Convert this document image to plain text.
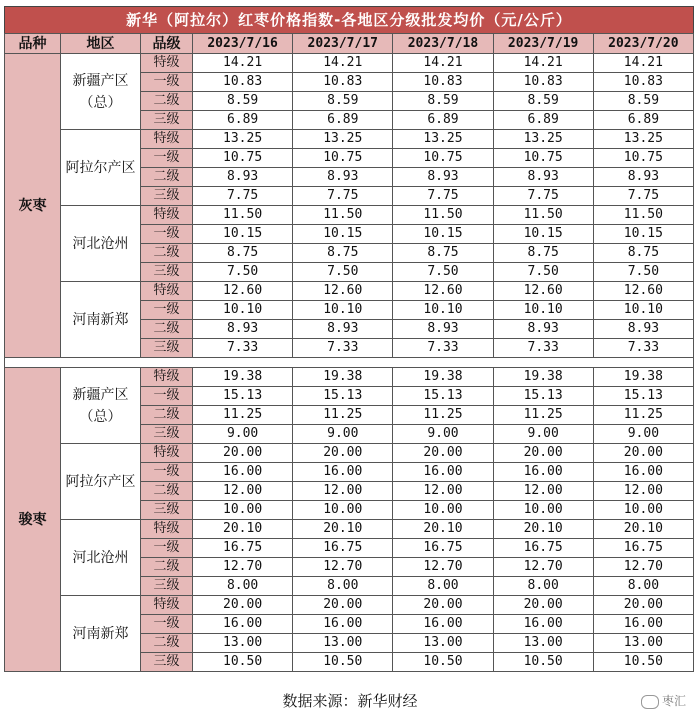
新华（阿拉尔）红枣价格指数-各地区分级批发均价（元/公斤）
品种	地区	品级	2023/7/16	2023/7/17	2023/7/18	2023/7/19	2023/7/20
灰枣	新疆产区（总）	特级	14.21	14.21	14.21	14.21	14.21
		一级	10.83	10.83	10.83	10.83	10.83
		二级	8.59	8.59	8.59	8.59	8.59
		三级	6.89	6.89	6.89	6.89	6.89
	阿拉尔产区	特级	13.25	13.25	13.25	13.25	13.25
		一级	10.75	10.75	10.75	10.75	10.75
		二级	8.93	8.93	8.93	8.93	8.93
		三级	7.75	7.75	7.75	7.75	7.75
	河北沧州	特级	11.50	11.50	11.50	11.50	11.50
		一级	10.15	10.15	10.15	10.15	10.15
		二级	8.75	8.75	8.75	8.75	8.75
		三级	7.50	7.50	7.50	7.50	7.50
	河南新郑	特级	12.60	12.60	12.60	12.60	12.60
		一级	10.10	10.10	10.10	10.10	10.10
		二级	8.93	8.93	8.93	8.93	8.93
		三级	7.33	7.33	7.33	7.33	7.33

骏枣	新疆产区（总）	特级	19.38	19.38	19.38	19.38	19.38
		一级	15.13	15.13	15.13	15.13	15.13
		二级	11.25	11.25	11.25	11.25	11.25
		三级	9.00	9.00	9.00	9.00	9.00
	阿拉尔产区	特级	20.00	20.00	20.00	20.00	20.00
		一级	16.00	16.00	16.00	16.00	16.00
		二级	12.00	12.00	12.00	12.00	12.00
		三级	10.00	10.00	10.00	10.00	10.00
	河北沧州	特级	20.10	20.10	20.10	20.10	20.10
		一级	16.75	16.75	16.75	16.75	16.75
		二级	12.70	12.70	12.70	12.70	12.70
		三级	8.00	8.00	8.00	8.00	8.00
	河南新郑	特级	20.00	20.00	20.00	20.00	20.00
		一级	16.00	16.00	16.00	16.00	16.00
		二级	13.00	13.00	13.00	13.00	13.00
		三级	10.50	10.50	10.50	10.50	10.50
数据来源：新华财经	枣汇
